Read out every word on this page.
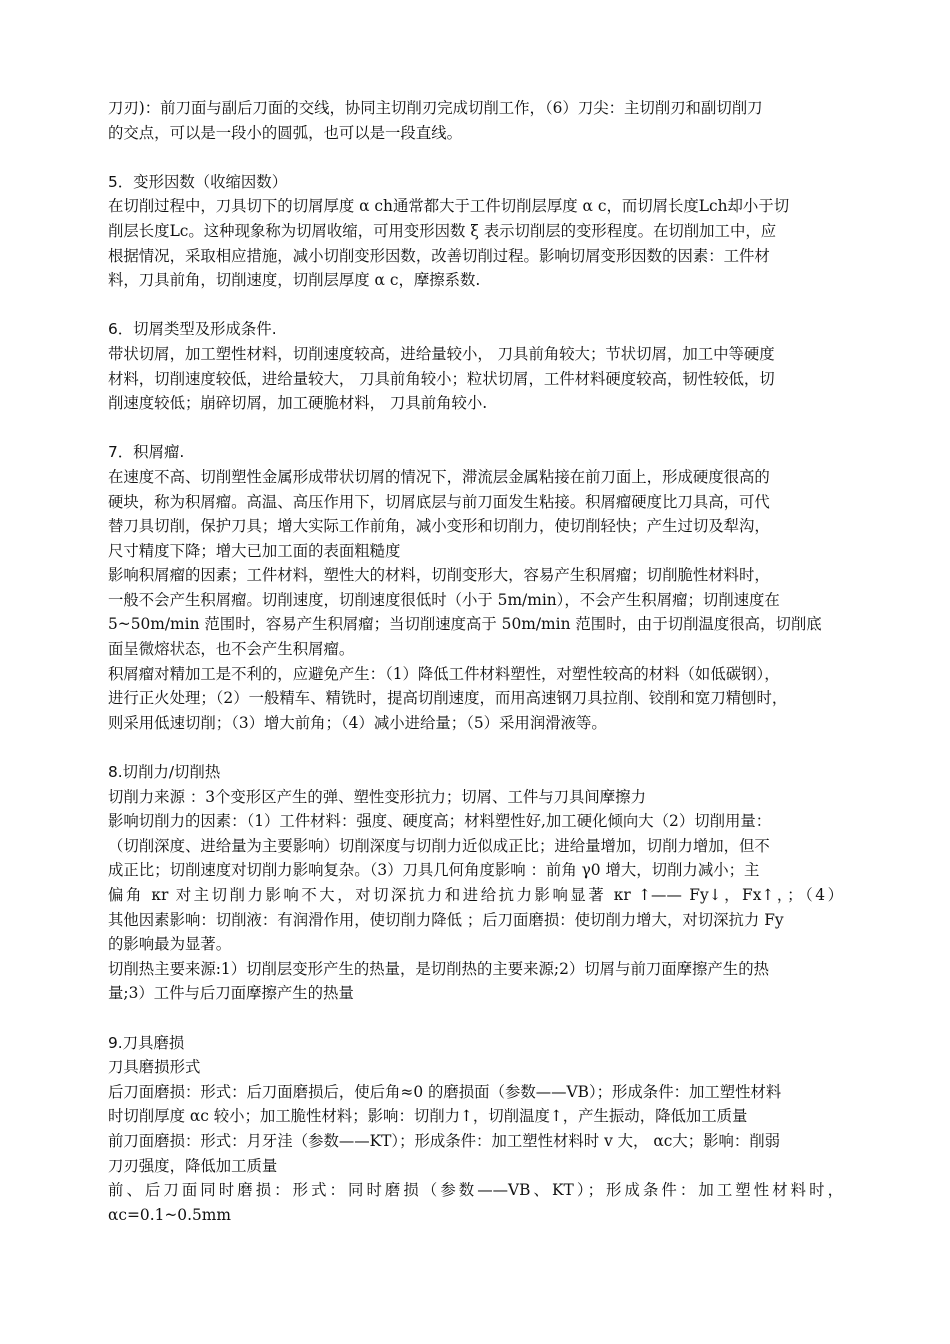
刀刃)：前刀面与副后刀面的交线，协同主切削刃完成切削工作，（6）刀尖：主切削刃和副切削刀
的交点，可以是一段小的圆弧，也可以是一段直线。
5．变形因数（收缩因数）
在切削过程中，刀具切下的切屑厚度 α ch通常都大于工件切削层厚度 α c，而切屑长度Lch却小于切
削层长度Lc。这种现象称为切屑收缩，可用变形因数 ξ 表示切削层的变形程度。在切削加工中，应
根据情况，采取相应措施，减小切削变形因数，改善切削过程。影响切屑变形因数的因素：工件材
料，刀具前角，切削速度，切削层厚度 α c，摩擦系数.
6．切屑类型及形成条件.
带状切屑，加工塑性材料，切削速度较高，进给量较小， 刀具前角较大；节状切屑，加工中等硬度
材料，切削速度较低，进给量较大， 刀具前角较小；粒状切屑，工件材料硬度较高，韧性较低，切
削速度较低；崩碎切屑，加工硬脆材料， 刀具前角较小.
7．积屑瘤.
在速度不高、切削塑性金属形成带状切屑的情况下，滞流层金属粘接在前刀面上，形成硬度很高的
硬块，称为积屑瘤。高温、高压作用下，切屑底层与前刀面发生粘接。积屑瘤硬度比刀具高，可代
替刀具切削，保护刀具；增大实际工作前角，减小变形和切削力，使切削轻快；产生过切及犁沟，
尺寸精度下降；增大已加工面的表面粗糙度
影响积屑瘤的因素；工件材料，塑性大的材料，切削变形大，容易产生积屑瘤；切削脆性材料时，
一般不会产生积屑瘤。切削速度，切削速度很低时（小于 5m/min），不会产生积屑瘤；切削速度在
5~50m/min 范围时，容易产生积屑瘤；当切削速度高于 50m/min 范围时，由于切削温度很高，切削底
面呈微熔状态，也不会产生积屑瘤。
积屑瘤对精加工是不利的，应避免产生：（1）降低工件材料塑性，对塑性较高的材料（如低碳钢），
进行正火处理；（2）一般精车、精铣时，提高切削速度，而用高速钢刀具拉削、铰削和宽刀精刨时，
则采用低速切削；（3）增大前角；（4）减小进给量；（5）采用润滑液等。
8.切削力/切削热
切削力来源 ：3个变形区产生的弹、塑性变形抗力；切屑、工件与刀具间摩擦力
影响切削力的因素：（1）工件材料：强度、硬度高；材料塑性好,加工硬化倾向大（2）切削用量：
（切削深度、进给量为主要影响）切削深度与切削力近似成正比；进给量增加，切削力增加，但不
成正比；切削速度对切削力影响复杂。（3）刀具几何角度影响 ：前角 γ0 增大，切削力减小；主
偏角 κr 对主切削力影响不大，对切深抗力和进给抗力影响显著 κr ↑—— Fy↓，Fx↑，；（4）
其他因素影响：切削液：有润滑作用，使切削力降低 ；后刀面磨损：使切削力增大，对切深抗力 Fy
的影响最为显著。
切削热主要来源:1）切削层变形产生的热量，是切削热的主要来源;2）切屑与前刀面摩擦产生的热
量;3）工件与后刀面摩擦产生的热量
9.刀具磨损
刀具磨损形式
后刀面磨损：形式：后刀面磨损后，使后角≈0 的磨损面（参数——VB）；形成条件：加工塑性材料
时切削厚度 αc 较小；加工脆性材料；影响：切削力↑，切削温度↑，产生振动，降低加工质量
前刀面磨损：形式：月牙洼（参数——KT）；形成条件：加工塑性材料时 v 大， αc大；影响：削弱
刀刃强度，降低加工质量
前、后刀面同时磨损：形式：同时磨损（参数——VB、KT）；形成条件：加工塑性材料时，
αc=0.1~0.5mm
